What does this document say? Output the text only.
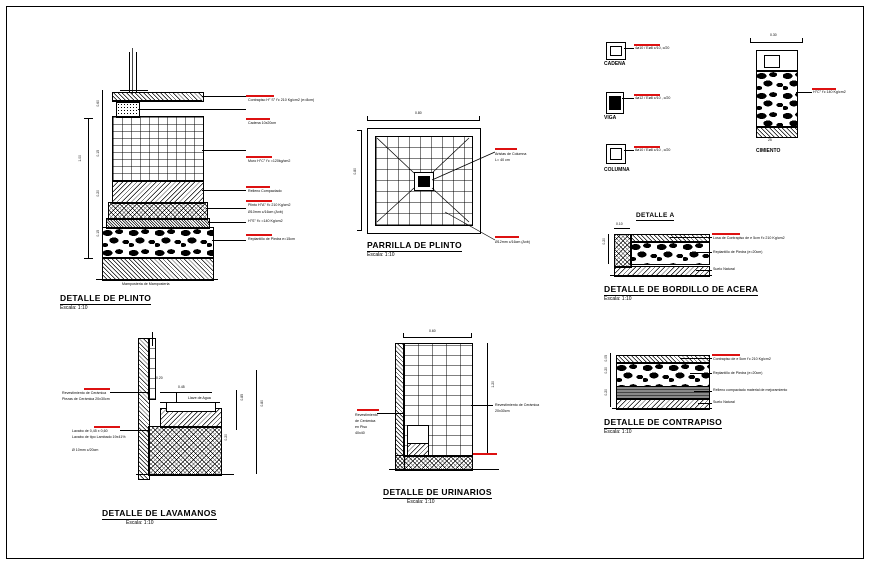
1.00
0.60
0.15
0.20
0.15
Contrapiso H° S° f'c 210 Kg/cm2 (e=8cm)
Cadena 10x20cm
Muro H°C° f'c =120kg/cm2
Relleno Compactado
Plinto H°A° f'c 210 Kg/cm2
Ø10mm c/16cm (Axb)
H°S° f'c =140 Kg/cm2
Replantillo de Piedra e=15cm
Mamposteria de Mamposteria
DETALLE DE PLINTO
Escala: 1:10
0.80
0.80
Aristas de Columna
L= 40 cm
Ø12mm c/16cm (Axb)
PARRILLA DE PLINTO
Escala: 1:10
4ø10 / Eø8 c/10, c/20
CADENA
4ø12 / Eø8 c/10 , c/20
VIGA
8ø10 / Eø8 c/10 , c/20
COLUMNA
0.30
H°C° f'c 140 Kg/cm2
25
CIMIENTO
DETALLE A
0.10
0.20	Losa de Contrapiso de e 5cm f'c 210 Kg/cm2
Replantillo de Piedra (e=20cm)
Suelo Natural
DETALLE DE BORDILLO DE ACERA
Escala: 1:10
0.05
0.20
0.20
Contrapiso de e 5cm f'c 210 Kg/cm2
Replantillo de Piedra (e=20cm)
Relleno compactado material de mejoramiento
Suelo Natural
DETALLE DE CONTRAPISO
Escala: 1:10
0.45
0.85
0.80
0.20
0.20
Revestimiento de Cerámica
Piezas de Cerámica 20x30cm
Lavabo de 0,45 x 0,60
Lavabo de tipo Lambado 19x41%
Ø 10mm c/20cm
Llave de Agua
DETALLE DE LAVAMANOS
Escala: 1:10
0.60
1.20
Revestimiento
de Cerámica
en Piso
40x40
Revestimiento de Cerámica
20x30cm
DETALLE DE URINARIOS
Escala: 1:10
